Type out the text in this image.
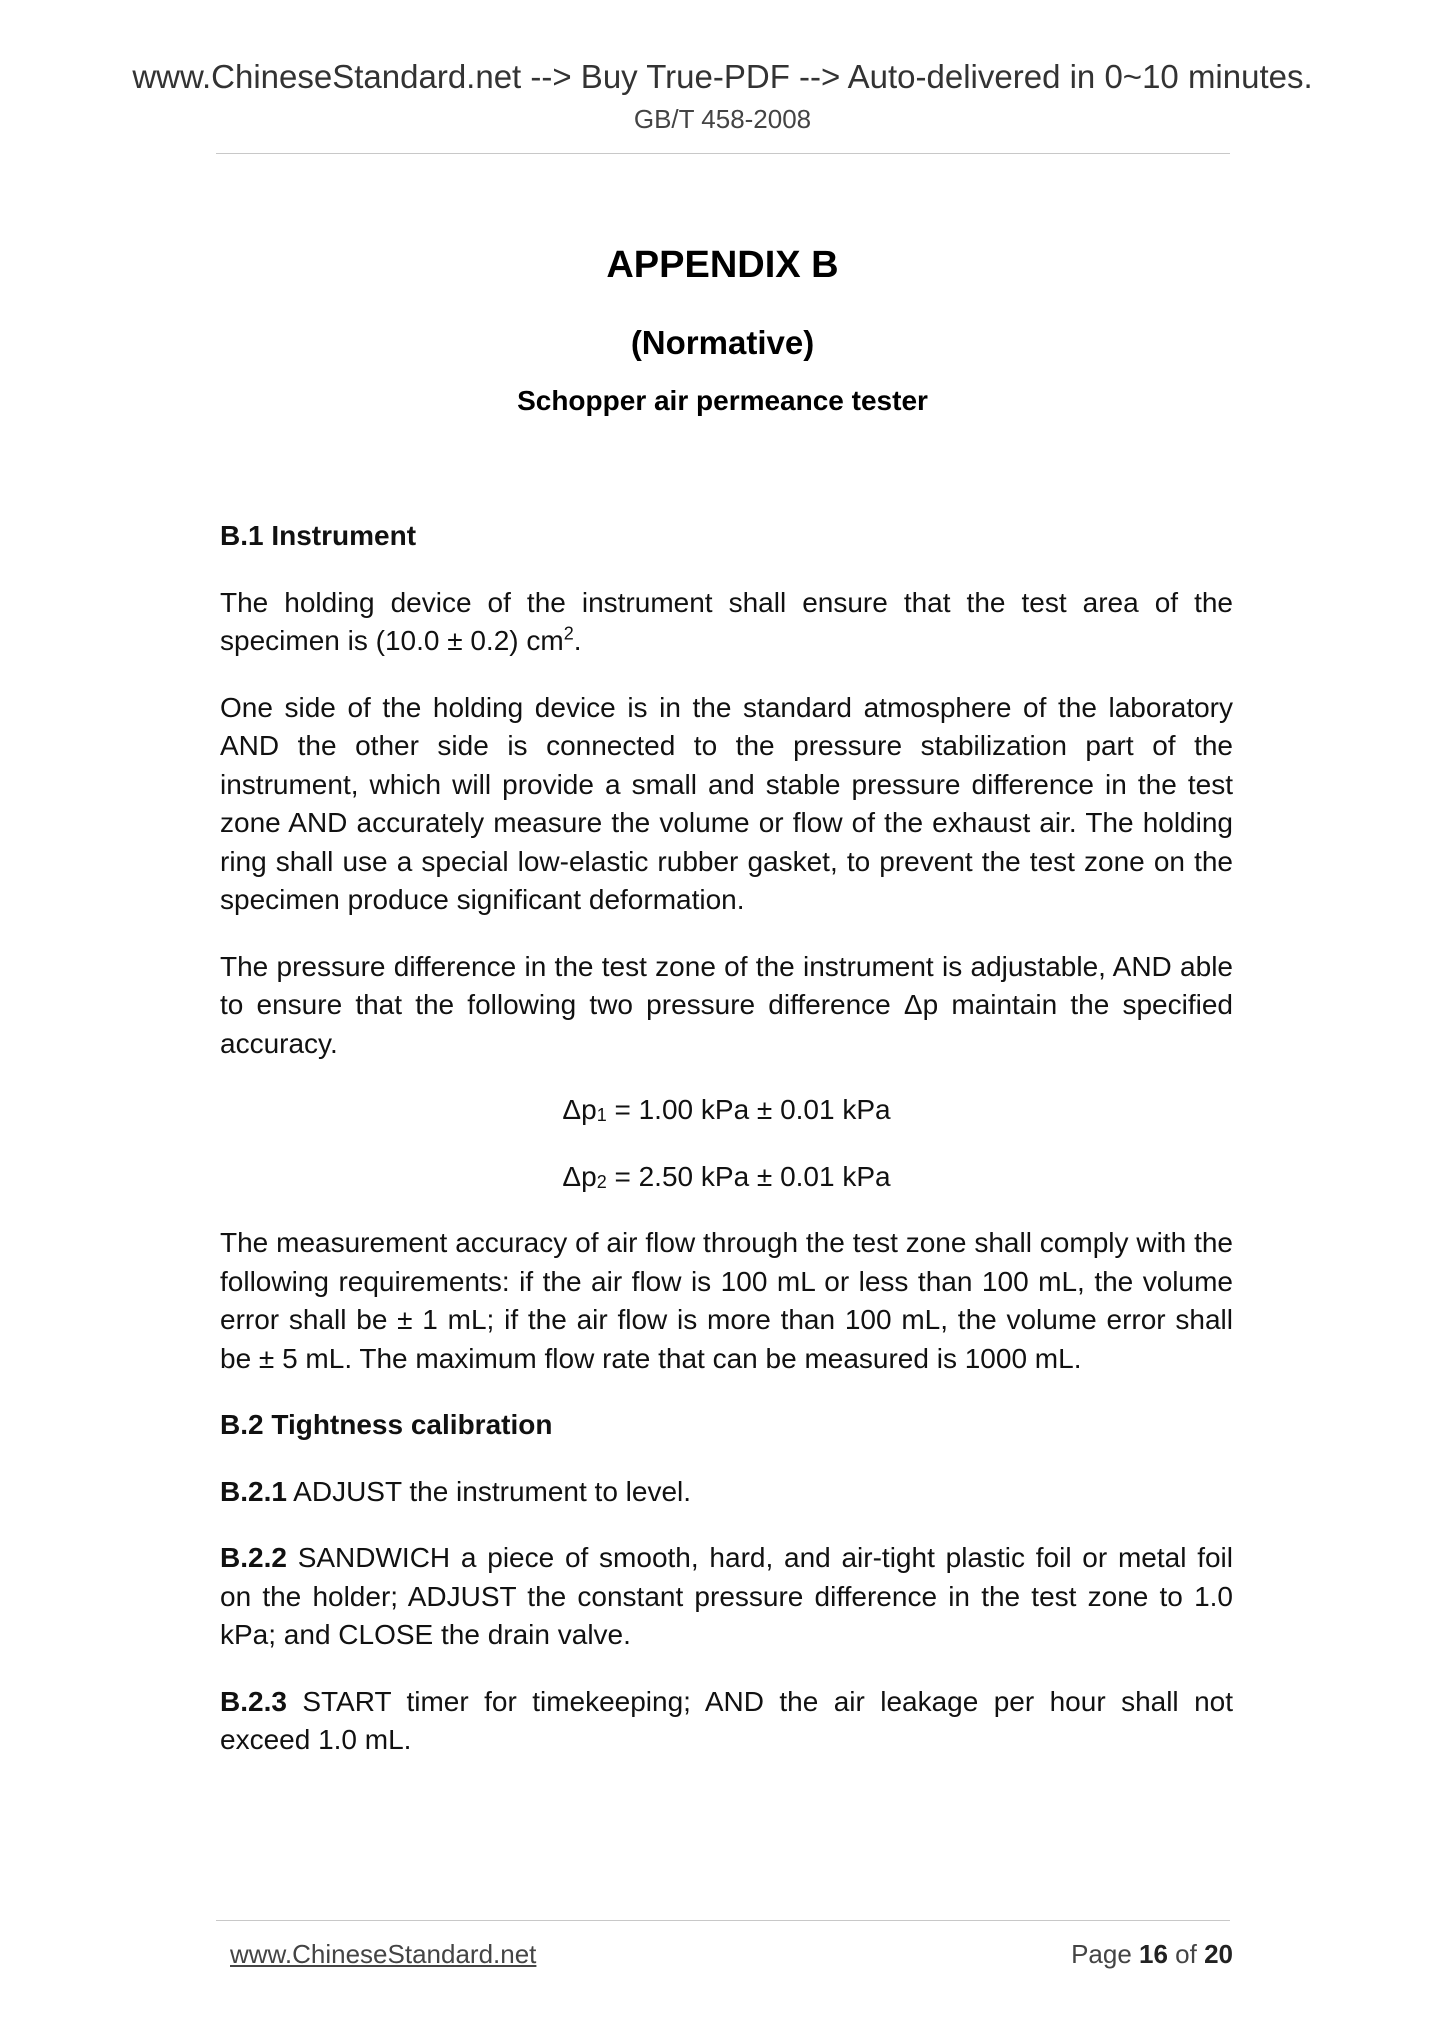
www.ChineseStandard.net --> Buy True-PDF --> Auto-delivered in 0~10 minutes.
GB/T 458-2008
APPENDIX B
(Normative)
Schopper air permeance tester
B.1 Instrument

The holding device of the instrument shall ensure that the test area of the specimen is (10.0 ± 0.2) $cm^2$.

One side of the holding device is in the standard atmosphere of the laboratory AND the other side is connected to the pressure stabilization part of the instrument, which will provide a small and stable pressure difference in the test zone AND accurately measure the volume or flow of the exhaust air. The holding ring shall use a special low-elastic rubber gasket, to prevent the test zone on the specimen produce significant deformation.

The pressure difference in the test zone of the instrument is adjustable, AND able to ensure that the following two pressure difference Δp maintain the specified accuracy.

$\Delta p_1 = 1.00$ kPa ± 0.01 kPa
$\Delta p_2 = 2.50$ kPa ± 0.01 kPa

The measurement accuracy of air flow through the test zone shall comply with the following requirements: if the air flow is 100 mL or less than 100 mL, the volume error shall be ± 1 mL; if the air flow is more than 100 mL, the volume error shall be ± 5 mL. The maximum flow rate that can be measured is 1000 mL.

B.2 Tightness calibration

B.2.1 ADJUST the instrument to level.

B.2.2 SANDWICH a piece of smooth, hard, and air-tight plastic foil or metal foil on the holder; ADJUST the constant pressure difference in the test zone to 1.0 kPa; and CLOSE the drain valve.

B.2.3 START timer for timekeeping; AND the air leakage per hour shall not exceed 1.0 mL.

www.ChineseStandard.net	Page 16 of 20
